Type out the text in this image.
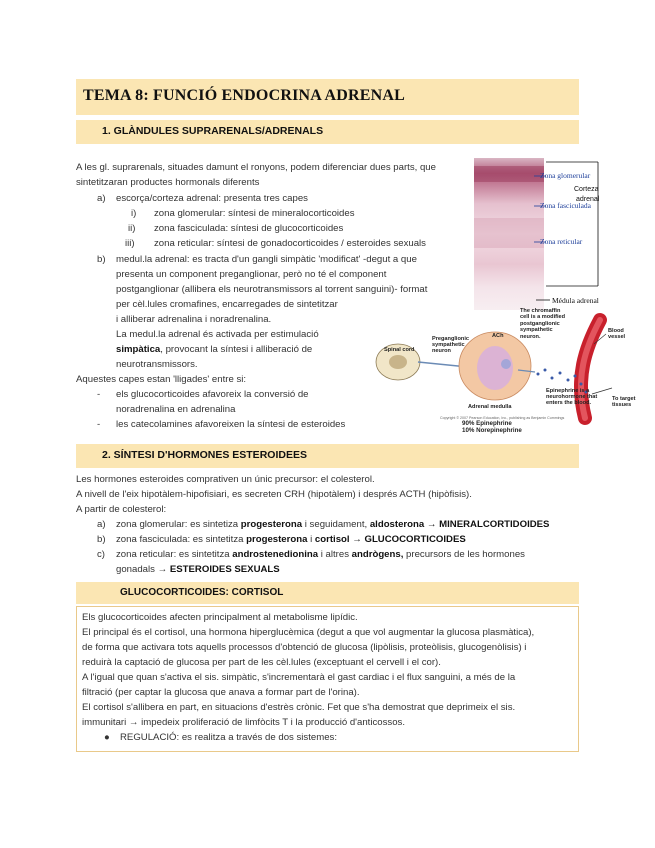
TEMA 8: FUNCIÓ ENDOCRINA ADRENAL
1. GLÀNDULES SUPRARENALS/ADRENALS
A les gl. suprarenals, situades damunt el ronyons, podem diferenciar dues parts, que
sintetitzaran productes hormonals diferents
a) escorça/corteza adrenal: presenta tres capes
i) zona glomerular: síntesi de mineralocorticoides
ii) zona fasciculada: síntesi de glucocorticoides
iii) zona reticular: síntesi de gonadocorticoides / esteroides sexuals
b) medul.la adrenal: es tracta d'un gangli simpàtic 'modificat' -degut a que
presenta un component preganglionar, però no té el component
postganglionar (allibera els neurotransmissors al torrent sanguini)- format
per cèl.lules cromafines, encarregades de sintetitzar
i alliberar adrenalina i noradrenalina.
La medul.la adrenal és activada per estimulació
simpàtica, provocant la síntesi i alliberació de
neurotransmissors.
Aquestes capes estan 'lligades' entre si:
- els glucocorticoides afavoreix la conversió de
noradrenalina en adrenalina
- les catecolamines afavoreixen la síntesi de esteroides
Zona glomerular
Zona fasciculada
Zona reticular
Corteza
adrenal
Médula adrenal
The chromaffin
cell is a modified
postganglionic
sympathetic
neuron.
ACh
Preganglionic
sympathetic
neuron
Spinal cord
Blood
vessel
Epinephrine is a
neurohormone that
enters the blood.
Adrenal medulla
To target
tissues
Copyright © 2007 Pearson Education, Inc., publishing as Benjamin Cummings
90% Epinephrine
10% Norepinephrine
2. SÍNTESI D'HORMONES ESTEROIDEES
Les hormones esteroides comprativen un únic precursor: el colesterol.
A nivell de l'eix hipotàlem-hipofisiari, es secreten CRH (hipotàlem) i després ACTH (hipòfisis).
A partir de colesterol:
a) zona glomerular: es sintetiza progesterona i seguidament, aldosterona → MINERALCORTIDOIDES
b) zona fasciculada: es sintetitza progesterona i cortisol → GLUCOCORTICOIDES
c) zona reticular: es sintetitza androstenedionina i altres andrògens, precursors de les hormones
gonadals → ESTEROIDES SEXUALS
GLUCOCORTICOIDES: CORTISOL
Els glucocorticoides afecten principalment al metabolisme lipídic.
El principal és el cortisol, una hormona hiperglucèmica (degut a que vol augmentar la glucosa plasmàtica),
de forma que activara tots aquells processos d'obtenció de glucosa (lipòlisis, proteòlisis, glucogenòlisis) i
reduirà la captació de glucosa per part de les cèl.lules (exceptuant el cervell i el cor).
A l'igual que quan s'activa el sis. simpàtic, s'incrementarà el gast cardiac i el flux sanguini, a més de la
filtració (per captar la glucosa que anava a formar part de l'orina).
El cortisol s'allibera en part, en situacions d'estrès crònic. Fet que s'ha demostrat que deprimeix el sis.
immunitari → impedeix proliferació de limfòcits T i la producció d'anticossos.
● REGULACIÓ: es realitza a través de dos sistemes:
